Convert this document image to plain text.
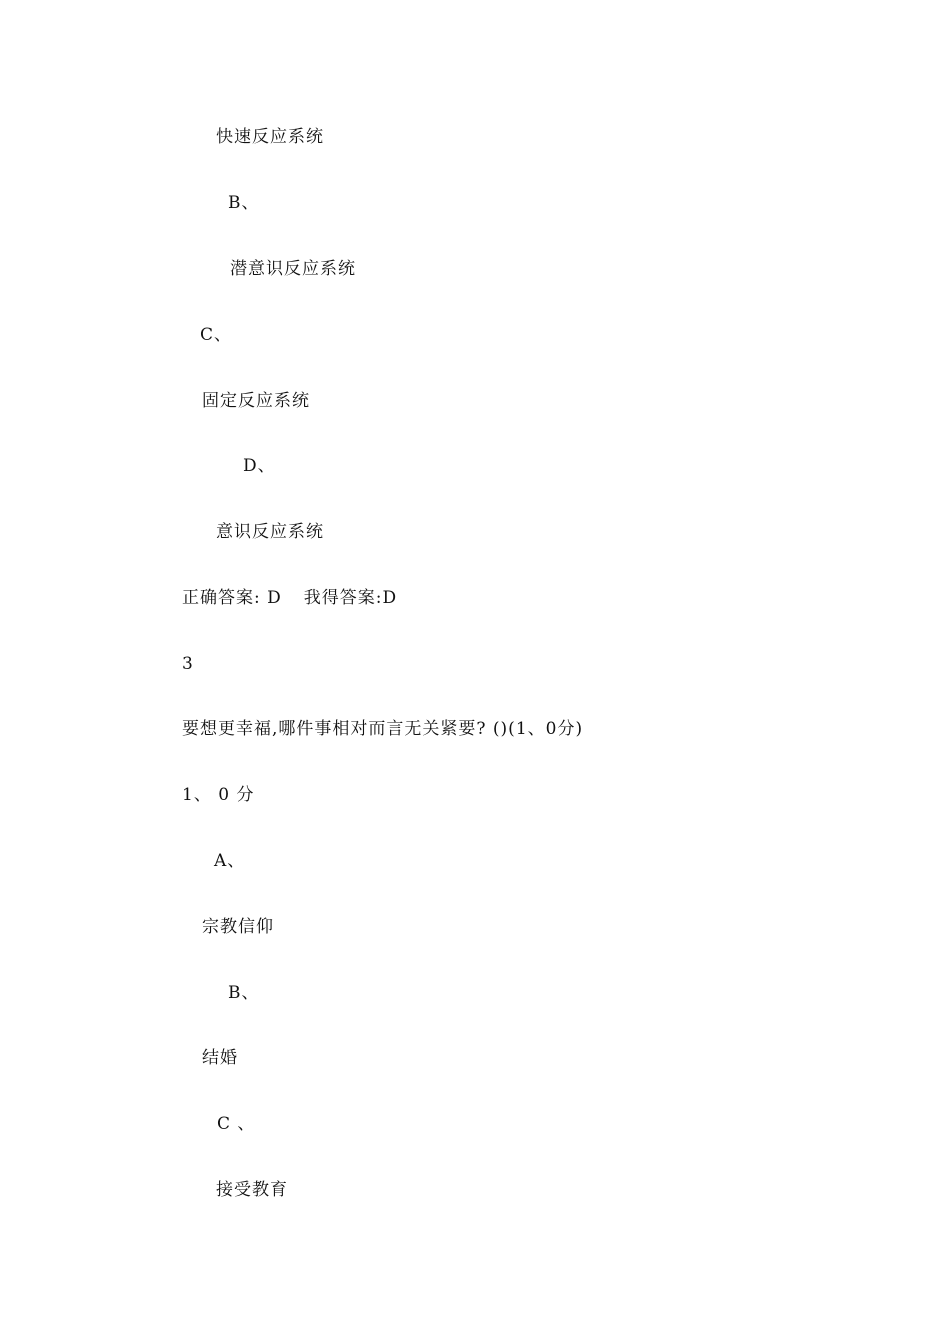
快速反应系统
B、
潜意识反应系统
C、
固定反应系统
D、
意识反应系统
正确答案: D 我得答案:D
3
要想更幸福,哪件事相对而言无关紧要? ()(1、0分)
1、 0 分
A、
宗教信仰
B、
结婚
C 、
接受教育
